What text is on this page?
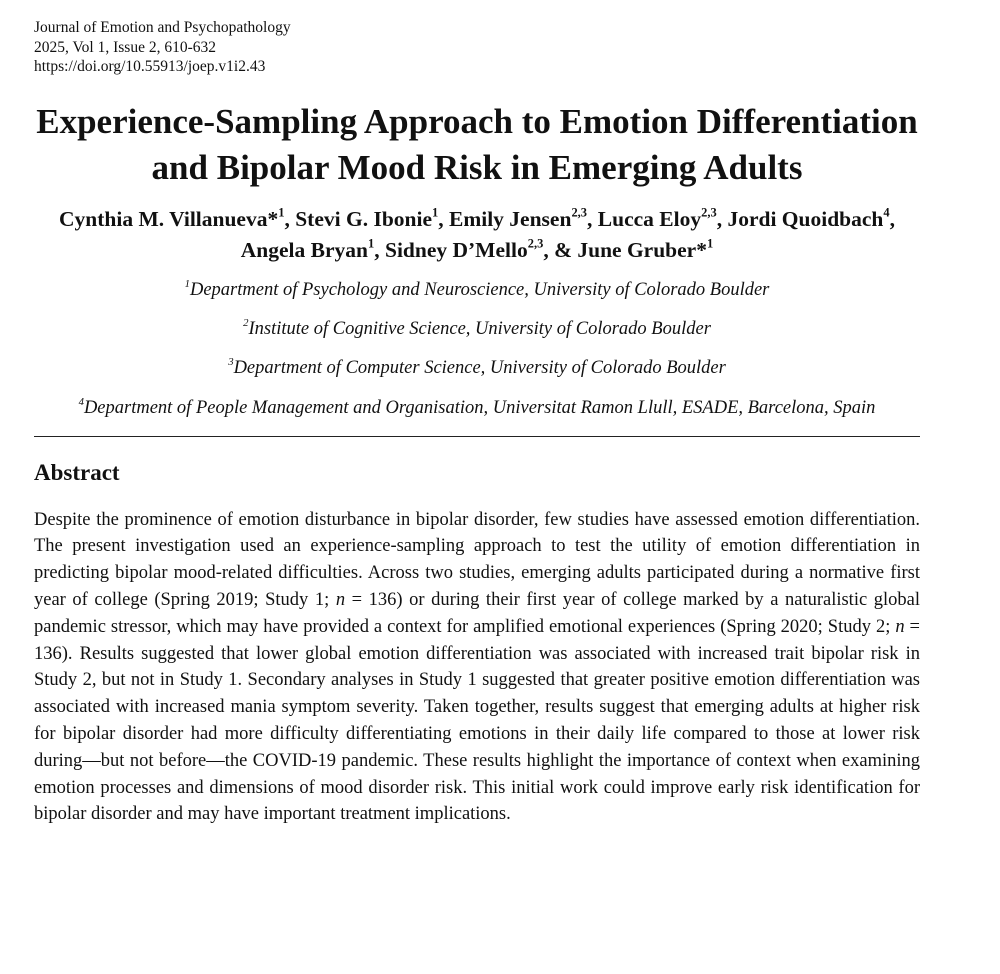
Journal of Emotion and Psychopathology
2025, Vol 1, Issue 2, 610-632
https://doi.org/10.55913/joep.v1i2.43
Experience-Sampling Approach to Emotion Differentiation and Bipolar Mood Risk in Emerging Adults
Cynthia M. Villanueva*$^1$, Stevi G. Ibonie$^1$, Emily Jensen$^{2,3}$, Lucca Eloy$^{2,3}$, Jordi Quoidbach$^4$, Angela Bryan$^1$, Sidney D’Mello$^{2,3}$, & June Gruber*$^1$
$^1$Department of Psychology and Neuroscience, University of Colorado Boulder
$^2$Institute of Cognitive Science, University of Colorado Boulder
$^3$Department of Computer Science, University of Colorado Boulder
$^4$Department of People Management and Organisation, Universitat Ramon Llull, ESADE, Barcelona, Spain
Abstract

Despite the prominence of emotion disturbance in bipolar disorder, few studies have assessed emotion differentiation. The present investigation used an experience-sampling approach to test the utility of emotion differentiation in predicting bipolar mood-related difficulties. Across two studies, emerging adults participated during a normative first year of college (Spring 2019; Study 1; n = 136) or during their first year of college marked by a naturalistic global pandemic stressor, which may have provided a context for amplified emotional experiences (Spring 2020; Study 2; n = 136). Results suggested that lower global emotion differentiation was associated with increased trait bipolar risk in Study 2, but not in Study 1. Secondary analyses in Study 1 suggested that greater positive emotion differentiation was associated with increased mania symptom severity. Taken together, results suggest that emerging adults at higher risk for bipolar disorder had more difficulty differentiating emotions in their daily life compared to those at lower risk during—but not before—the COVID-19 pandemic. These results highlight the importance of context when examining emotion processes and dimensions of mood disorder risk. This initial work could improve early risk identification for bipolar disorder and may have important treatment implications.
